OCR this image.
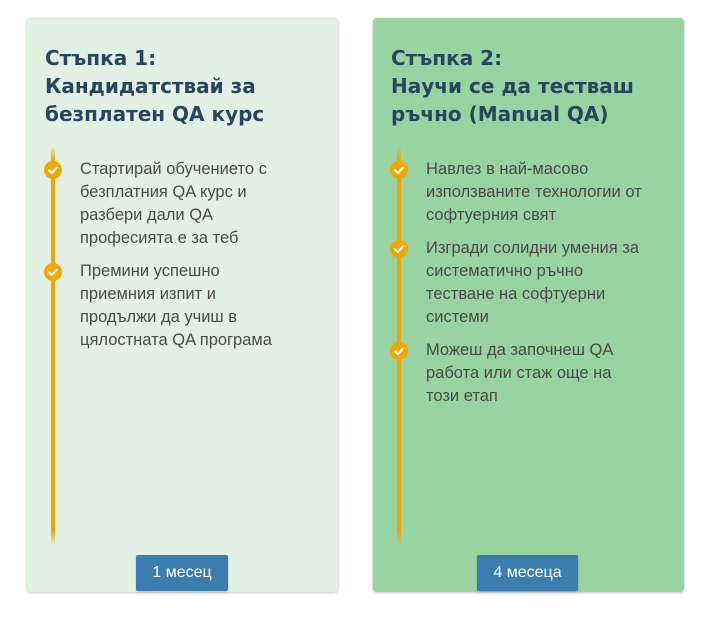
Стъпка 1:
Кандидатствай за
безплатен QA курс
Стартирай обучението с
безплатния QA курс и
разбери дали QA
професията е за теб
Премини успешно
приемния изпит и
продължи да учиш в
цялостната QA програма
1 месец
Стъпка 2:
Научи се да тестваш
ръчно (Manual QA)
Навлез в най-масово
използваните технологии от
софтуерния свят
Изгради солидни умения за
систематично ръчно
тестване на софтуерни
системи
Можеш да започнеш QA
работа или стаж още на
този етап
4 месеца
